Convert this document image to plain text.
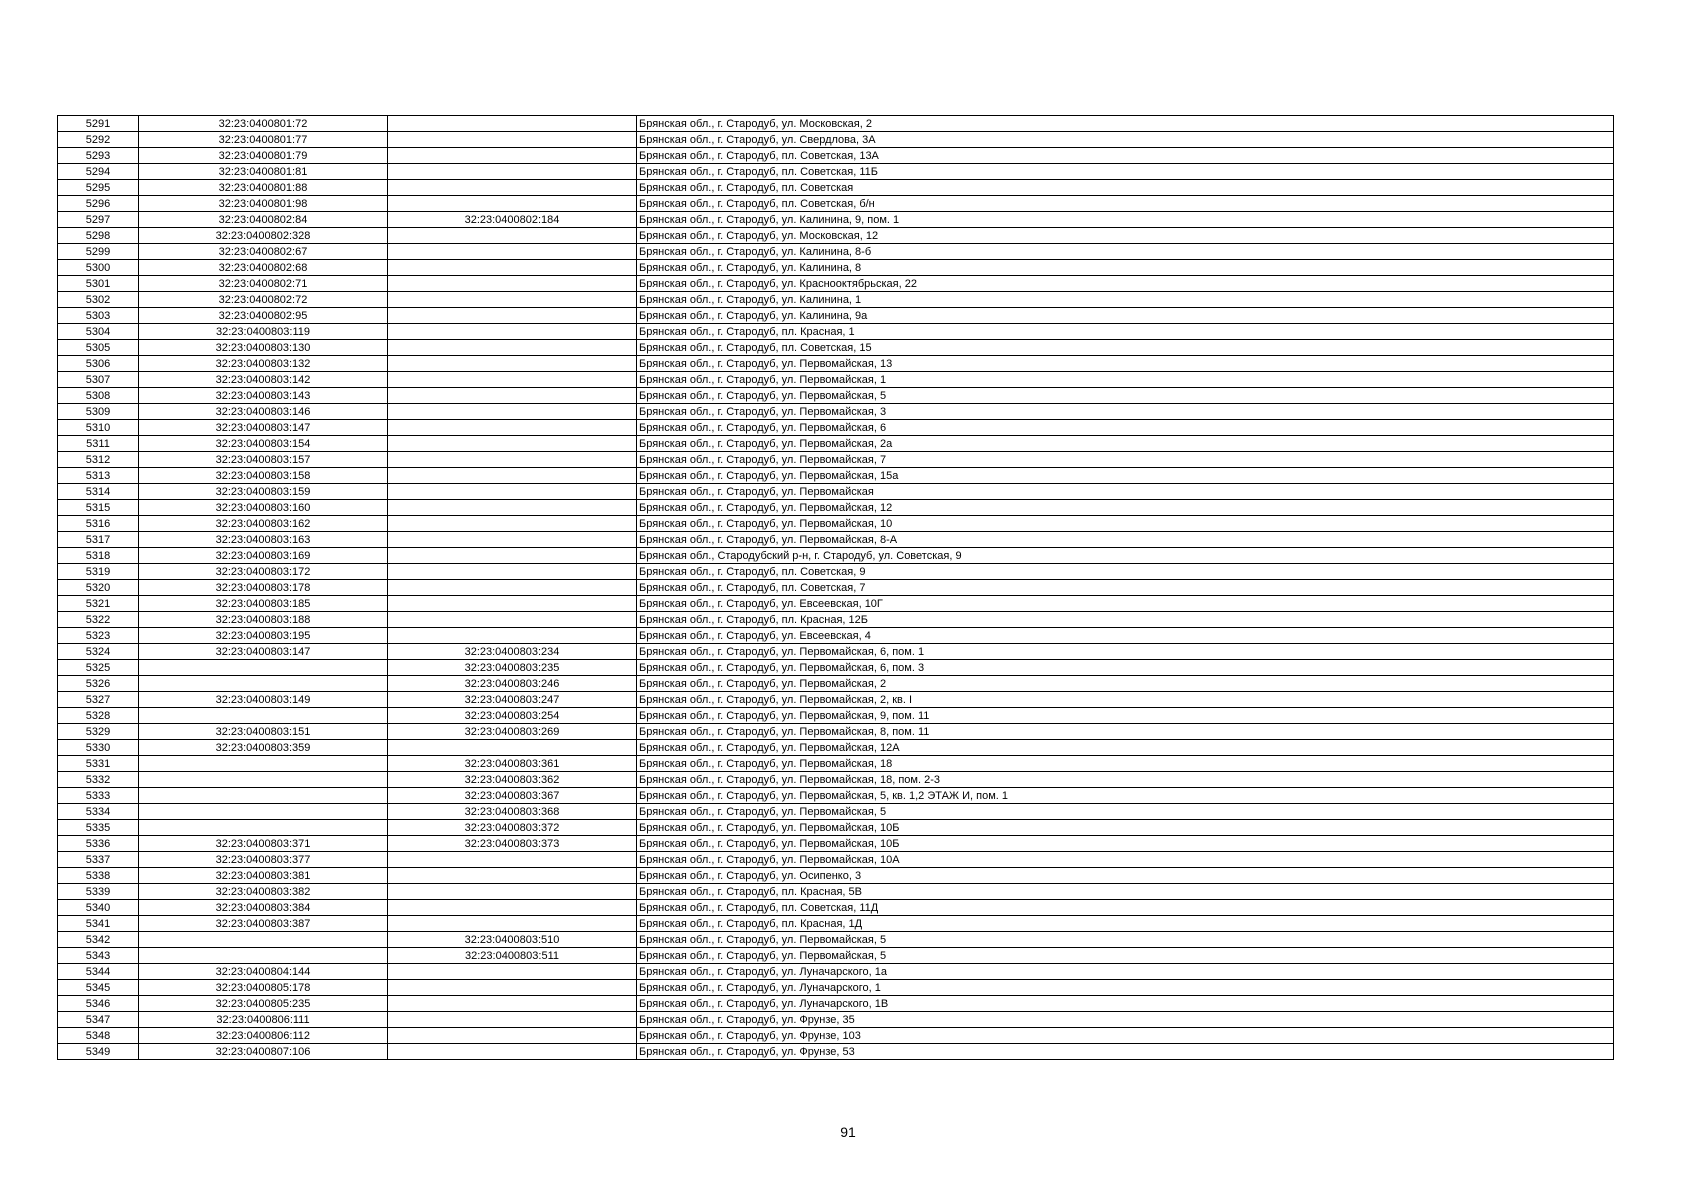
5291	32:23:0400801:72		Брянская обл., г. Стародуб, ул. Московская, 2
5292	32:23:0400801:77		Брянская обл., г. Стародуб, ул. Свердлова, 3А
5293	32:23:0400801:79		Брянская обл., г. Стародуб, пл. Советская, 13А
5294	32:23:0400801:81		Брянская обл., г. Стародуб, пл. Советская, 11Б
5295	32:23:0400801:88		Брянская обл., г. Стародуб, пл. Советская
5296	32:23:0400801:98		Брянская обл., г. Стародуб, пл. Советская, б/н
5297	32:23:0400802:84	32:23:0400802:184	Брянская обл., г. Стародуб, ул. Калинина, 9, пом. 1
5298	32:23:0400802:328		Брянская обл., г. Стародуб, ул. Московская, 12
5299	32:23:0400802:67		Брянская обл., г. Стародуб, ул. Калинина, 8-б
5300	32:23:0400802:68		Брянская обл., г. Стародуб, ул. Калинина, 8
5301	32:23:0400802:71		Брянская обл., г. Стародуб, ул. Краснооктябрьская, 22
5302	32:23:0400802:72		Брянская обл., г. Стародуб, ул. Калинина, 1
5303	32:23:0400802:95		Брянская обл., г. Стародуб, ул. Калинина, 9а
5304	32:23:0400803:119		Брянская обл., г. Стародуб, пл. Красная, 1
5305	32:23:0400803:130		Брянская обл., г. Стародуб, пл. Советская, 15
5306	32:23:0400803:132		Брянская обл., г. Стародуб, ул. Первомайская, 13
5307	32:23:0400803:142		Брянская обл., г. Стародуб, ул. Первомайская, 1
5308	32:23:0400803:143		Брянская обл., г. Стародуб, ул. Первомайская, 5
5309	32:23:0400803:146		Брянская обл., г. Стародуб, ул. Первомайская, 3
5310	32:23:0400803:147		Брянская обл., г. Стародуб, ул. Первомайская, 6
5311	32:23:0400803:154		Брянская обл., г. Стародуб, ул. Первомайская, 2а
5312	32:23:0400803:157		Брянская обл., г. Стародуб, ул. Первомайская, 7
5313	32:23:0400803:158		Брянская обл., г. Стародуб, ул. Первомайская, 15а
5314	32:23:0400803:159		Брянская обл., г. Стародуб, ул. Первомайская
5315	32:23:0400803:160		Брянская обл., г. Стародуб, ул. Первомайская, 12
5316	32:23:0400803:162		Брянская обл., г. Стародуб, ул. Первомайская, 10
5317	32:23:0400803:163		Брянская обл., г. Стародуб, ул. Первомайская, 8-А
5318	32:23:0400803:169		Брянская обл., Стародубский р-н, г. Стародуб, ул. Советская, 9
5319	32:23:0400803:172		Брянская обл., г. Стародуб, пл. Советская, 9
5320	32:23:0400803:178		Брянская обл., г. Стародуб, пл. Советская, 7
5321	32:23:0400803:185		Брянская обл., г. Стародуб, ул. Евсеевская, 10Г
5322	32:23:0400803:188		Брянская обл., г. Стародуб, пл. Красная, 12Б
5323	32:23:0400803:195		Брянская обл., г. Стародуб, ул. Евсеевская, 4
5324	32:23:0400803:147	32:23:0400803:234	Брянская обл., г. Стародуб, ул. Первомайская, 6, пом. 1
5325		32:23:0400803:235	Брянская обл., г. Стародуб, ул. Первомайская, 6, пом. 3
5326		32:23:0400803:246	Брянская обл., г. Стародуб, ул. Первомайская, 2
5327	32:23:0400803:149	32:23:0400803:247	Брянская обл., г. Стародуб, ул. Первомайская, 2, кв. I
5328		32:23:0400803:254	Брянская обл., г. Стародуб, ул. Первомайская, 9, пом. 11
5329	32:23:0400803:151	32:23:0400803:269	Брянская обл., г. Стародуб, ул. Первомайская, 8, пом. 11
5330	32:23:0400803:359		Брянская обл., г. Стародуб, ул. Первомайская, 12А
5331		32:23:0400803:361	Брянская обл., г. Стародуб, ул. Первомайская, 18
5332		32:23:0400803:362	Брянская обл., г. Стародуб, ул. Первомайская, 18, пом. 2-3
5333		32:23:0400803:367	Брянская обл., г. Стародуб, ул. Первомайская, 5, кв. 1,2 ЭТАЖ И, пом. 1
5334		32:23:0400803:368	Брянская обл., г. Стародуб, ул. Первомайская, 5
5335		32:23:0400803:372	Брянская обл., г. Стародуб, ул. Первомайская, 10Б
5336	32:23:0400803:371	32:23:0400803:373	Брянская обл., г. Стародуб, ул. Первомайская, 10Б
5337	32:23:0400803:377		Брянская обл., г. Стародуб, ул. Первомайская, 10А
5338	32:23:0400803:381		Брянская обл., г. Стародуб, ул. Осипенко, 3
5339	32:23:0400803:382		Брянская обл., г. Стародуб, пл. Красная, 5В
5340	32:23:0400803:384		Брянская обл., г. Стародуб, пл. Советская, 11Д
5341	32:23:0400803:387		Брянская обл., г. Стародуб, пл. Красная, 1Д
5342		32:23:0400803:510	Брянская обл., г. Стародуб, ул. Первомайская, 5
5343		32:23:0400803:511	Брянская обл., г. Стародуб, ул. Первомайская, 5
5344	32:23:0400804:144		Брянская обл., г. Стародуб, ул. Луначарского, 1а
5345	32:23:0400805:178		Брянская обл., г. Стародуб, ул. Луначарского, 1
5346	32:23:0400805:235		Брянская обл., г. Стародуб, ул. Луначарского, 1В
5347	32:23:0400806:111		Брянская обл., г. Стародуб, ул. Фрунзе, 35
5348	32:23:0400806:112		Брянская обл., г. Стародуб, ул. Фрунзе, 103
5349	32:23:0400807:106		Брянская обл., г. Стародуб, ул. Фрунзе, 53
91
